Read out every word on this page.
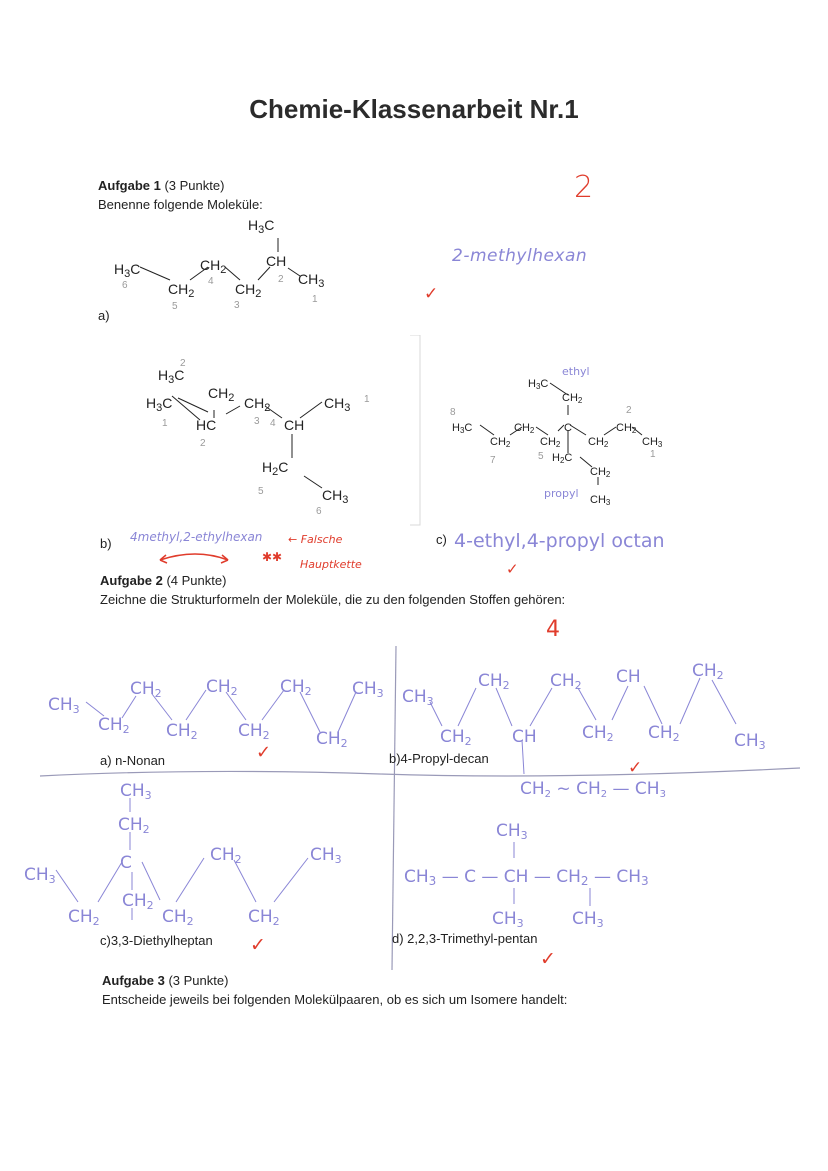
Chemie-Klassenarbeit Nr.1
Aufgabe 1 (3 Punkte)
Benenne folgende Moleküle:	2
$H_3C$
$CH_2$
$CH_2$
$CH_2$
CH
$CH_3$
$H_3C$
6
5
4
3
2
1
a)
2-methylhexan
✓
$H_3C$
$CH_2$
$H_3C$
HC
$CH_2$
CH
$CH_3$
$H_2C$
$CH_3$
2
1
2
3 4
5
6
1
b) 4methyl,2-ethylhexan
✱✱
← Falsche
Hauptkette
H3C
CH2
H3C
CH2
CH2
CH2
C
CH2
CH2
CH3
H2C
CH2
CH3
ethyl
propyl
8
7	5
2
1
c) 4-ethyl,4-propyl octan
✓
Aufgabe 2 (4 Punkte)
Zeichne die Strukturformeln der Moleküle, die zu den folgenden Stoffen gehören:
4
CH3
CH2
CH2
CH2
CH2
CH2
CH2
CH2
CH3 CH3
CH2
CH2
CH
CH2
CH2
CH
CH2
CH2
CH3
CH2 ~ CH2 — CH3
CH3
CH2
CH3
CH2
C
CH2
CH2
CH2
CH2
CH3
CH3
CH3 — C — CH — CH2 — CH3
CH3	CH3
a) n-Nonan	✓	b)4-Propyl-decan	✓
c)3,3-Diethylheptan ✓	d) 2,2,3-Trimethyl-pentan
✓
Aufgabe 3 (3 Punkte)
Entscheide jeweils bei folgenden Molekülpaaren, ob es sich um Isomere handelt:
